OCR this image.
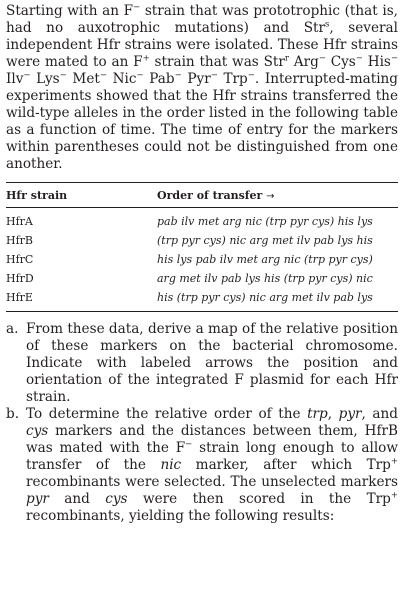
Starting with an F− strain that was prototrophic (that is, had no auxotrophic mutations) and Str$^s$, several independent Hfr strains were isolated. These Hfr strains were mated to an F+ strain that was Str$^r$ Arg− Cys− His− Ilv− Lys− Met− Nic− Pab− Pyr− Trp−. Interrupted-mating experiments showed that the Hfr strains transferred the wild-type alleles in the order listed in the following table as a function of time. The time of entry for the markers within parentheses could not be distinguished from one another.

Hfr strain	Order of transfer →
HfrA	pab ilv met arg nic (trp pyr cys) his lys
HfrB	(trp pyr cys) nic arg met ilv pab lys his
HfrC	his lys pab ilv met arg nic (trp pyr cys)
HfrD	arg met ilv pab lys his (trp pyr cys) nic
HfrE	his (trp pyr cys) nic arg met ilv pab lys

a. From these data, derive a map of the relative position of these markers on the bacterial chromosome. Indicate with labeled arrows the position and orientation of the integrated F plasmid for each Hfr strain.

b. To determine the relative order of the trp, pyr, and cys markers and the distances between them, HfrB was mated with the F− strain long enough to allow transfer of the nic marker, after which Trp+ recombinants were selected. The unselected markers pyr and cys were then scored in the Trp+ recombinants, yielding the following results:
